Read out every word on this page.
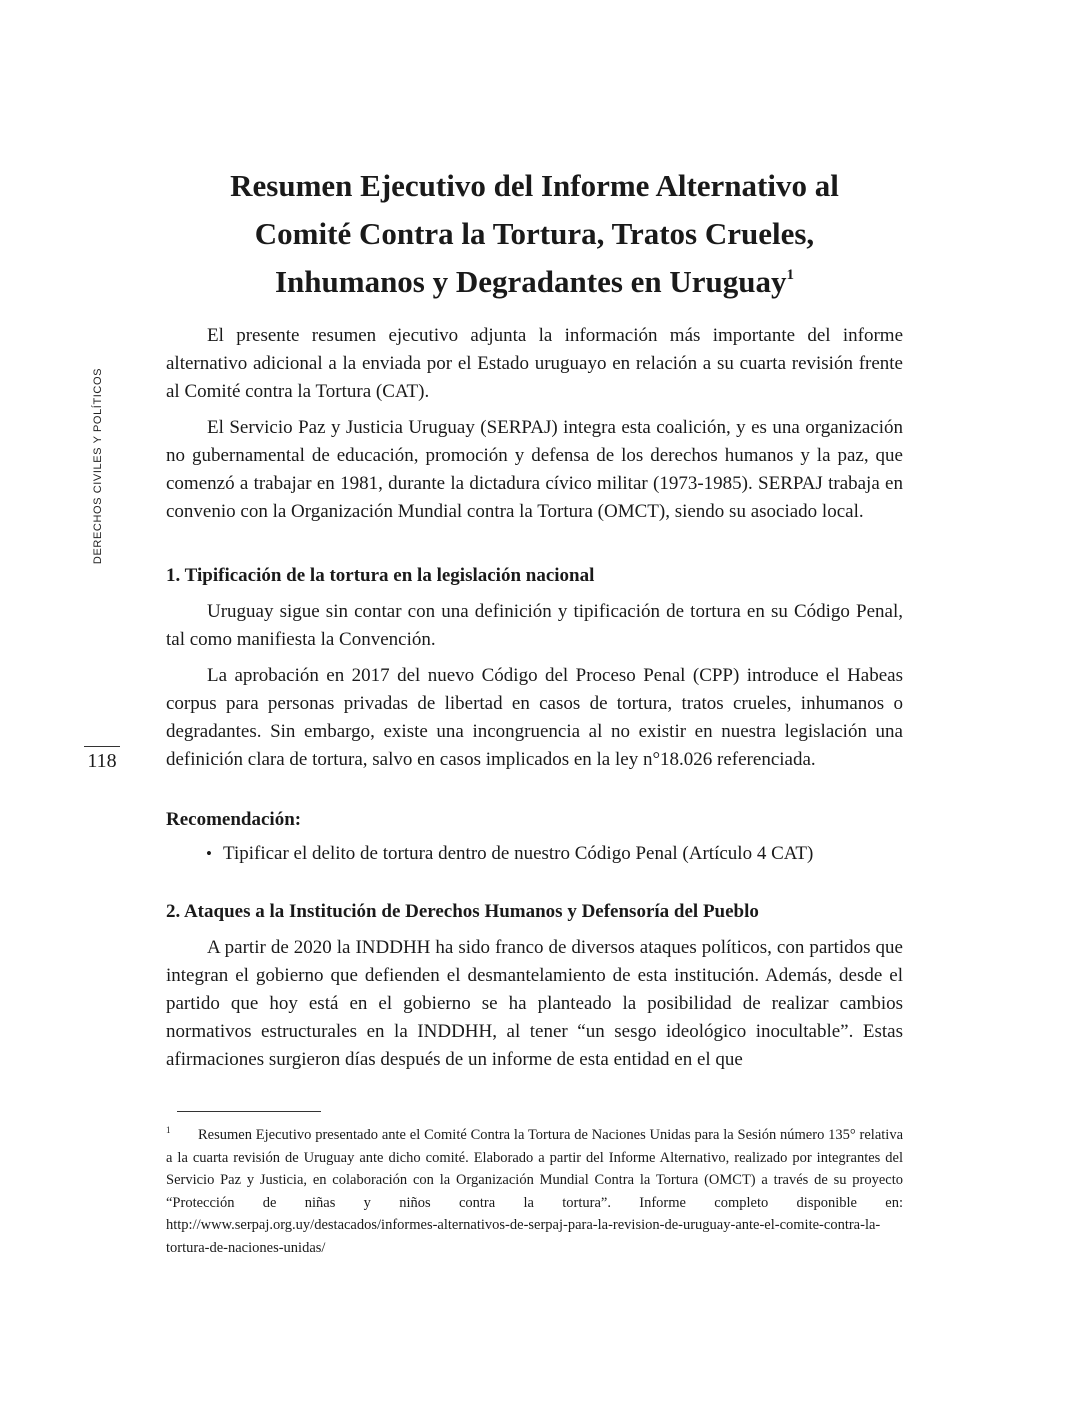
DERECHOS CIVILES Y POLÍTICOS
118
Resumen Ejecutivo del Informe Alternativo al
Comité Contra la Tortura, Tratos Crueles,
Inhumanos y Degradantes en Uruguay$^1$

El presente resumen ejecutivo adjunta la información más importante del informe alternativo adicional a la enviada por el Estado uruguayo en relación a su cuarta revisión frente al Comité contra la Tortura (CAT).

El Servicio Paz y Justicia Uruguay (SERPAJ) integra esta coalición, y es una organización no gubernamental de educación, promoción y defensa de los derechos humanos y la paz, que comenzó a trabajar en 1981, durante la dictadura cívico militar (1973-1985). SERPAJ trabaja en convenio con la Organización Mundial contra la Tortura (OMCT), siendo su asociado local.

1. Tipificación de la tortura en la legislación nacional

Uruguay sigue sin contar con una definición y tipificación de tortura en su Código Penal, tal como manifiesta la Convención.

La aprobación en 2017 del nuevo Código del Proceso Penal (CPP) introduce el Habeas corpus para personas privadas de libertad en casos de tortura, tratos crueles, inhumanos o degradantes. Sin embargo, existe una incongruencia al no existir en nuestra legislación una definición clara de tortura, salvo en casos implicados en la ley n°18.026 referenciada.

Recomendación:
• Tipificar el delito de tortura dentro de nuestro Código Penal (Artículo 4 CAT)
2. Ataques a la Institución de Derechos Humanos y Defensoría del Pueblo

A partir de 2020 la INDDHH ha sido franco de diversos ataques políticos, con partidos que integran el gobierno que defienden el desmantelamiento de esta institución. Además, desde el partido que hoy está en el gobierno se ha planteado la posibilidad de realizar cambios normativos estructurales en la INDDHH, al tener “un sesgo ideológico inocultable”. Estas afirmaciones surgieron días después de un informe de esta entidad en el que

1 Resumen Ejecutivo presentado ante el Comité Contra la Tortura de Naciones Unidas para la Sesión número 135° relativa a la cuarta revisión de Uruguay ante dicho comité. Elaborado a partir del Informe Alternativo, realizado por integrantes del Servicio Paz y Justicia, en colaboración con la Organización Mundial Contra la Tortura (OMCT) a través de su proyecto “Protección de niñas y niños contra la tortura”. Informe completo disponible en: http://www.serpaj.org.uy/destacados/informes-alternativos-de-serpaj-para-la-revision-de-uruguay-ante-el-comite-contra-la-tortura-de-naciones-unidas/
